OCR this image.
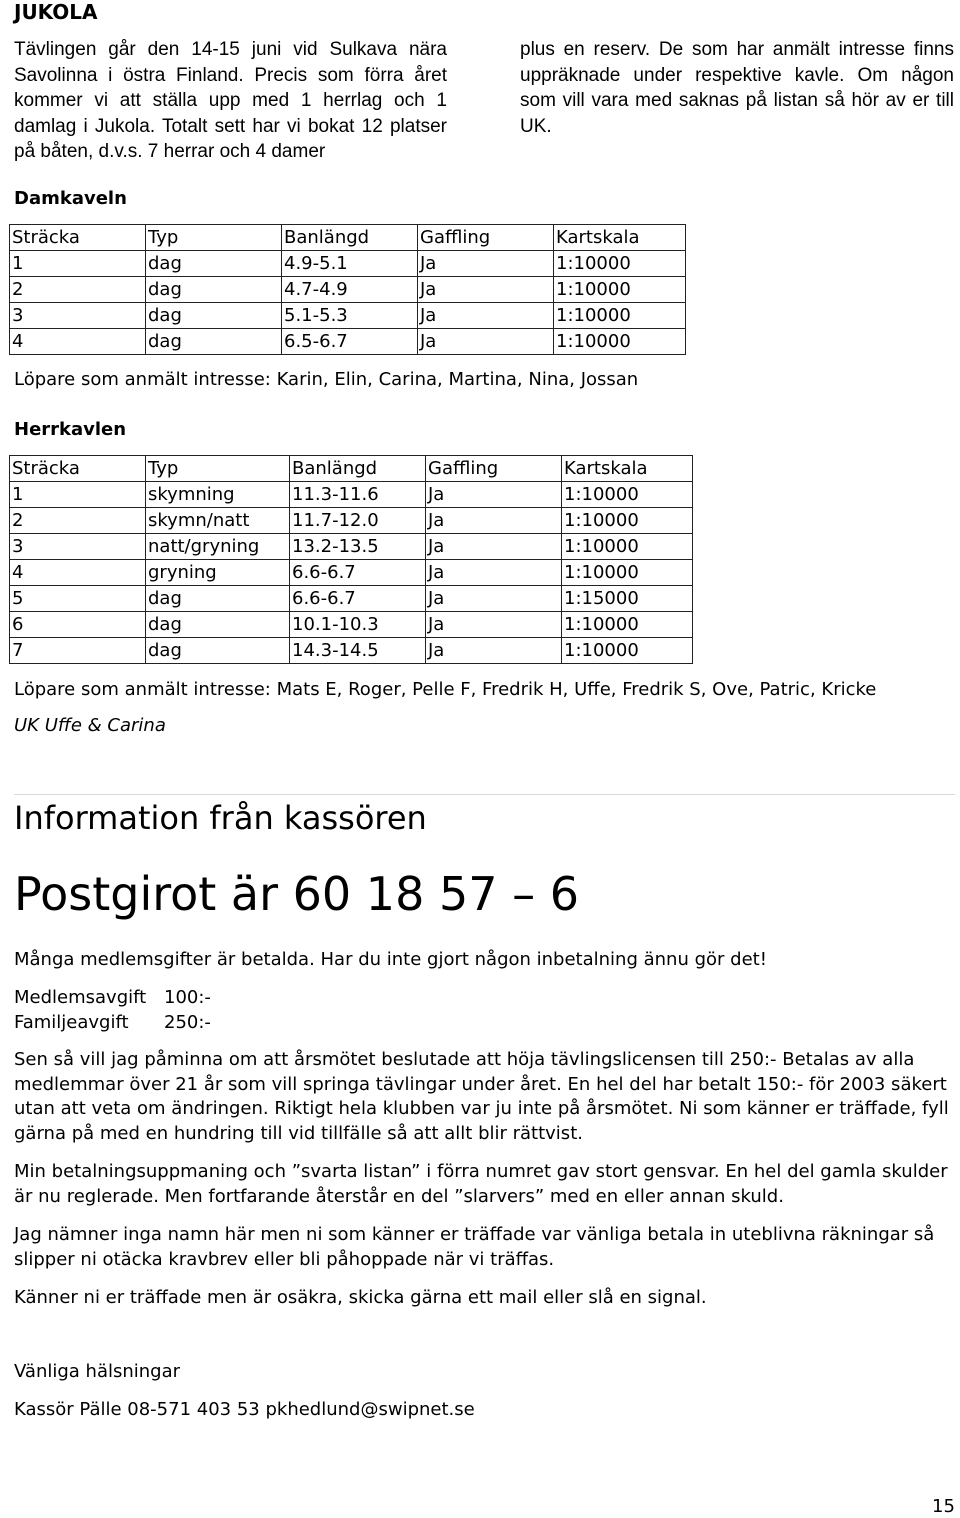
JUKOLA
Tävlingen går den 14-15 juni vid Sulkava nära Savolinna i östra Finland. Precis som förra året kommer vi att ställa upp med 1 herrlag och 1 damlag i Jukola. Totalt sett har vi bokat 12 platser på båten, d.v.s. 7 herrar och 4 damer
plus en reserv. De som har anmält intresse finns uppräknade under respektive kavle. Om någon som vill vara med saknas på listan så hör av er till UK.
Damkaveln
Sträcka	Typ	Banlängd	Gaffling	Kartskala
1	dag	4.9-5.1	Ja	1:10000
2	dag	4.7-4.9	Ja	1:10000
3	dag	5.1-5.3	Ja	1:10000
4	dag	6.5-6.7	Ja	1:10000
Löpare som anmält intresse: Karin, Elin, Carina, Martina, Nina, Jossan
Herrkavlen
Sträcka	Typ	Banlängd	Gaffling	Kartskala
1	skymning	11.3-11.6	Ja	1:10000
2	skymn/natt	11.7-12.0	Ja	1:10000
3	natt/gryning	13.2-13.5	Ja	1:10000
4	gryning	6.6-6.7	Ja	1:10000
5	dag	6.6-6.7	Ja	1:15000
6	dag	10.1-10.3	Ja	1:10000
7	dag	14.3-14.5	Ja	1:10000
Löpare som anmält intresse: Mats E, Roger, Pelle F, Fredrik H, Uffe, Fredrik S, Ove, Patric, Kricke
UK Uffe & Carina
Information från kassören
Postgirot är 60 18 57 – 6
Många medlemsgifter är betalda. Har du inte gjort någon inbetalning ännu gör det!
Medlemsavgift 100:-
Familjeavgift	250:-
Sen så vill jag påminna om att årsmötet beslutade att höja tävlingslicensen till 250:- Betalas av alla medlemmar över 21 år som vill springa tävlingar under året. En hel del har betalt 150:- för 2003 säkert utan att veta om ändringen. Riktigt hela klubben var ju inte på årsmötet. Ni som känner er träffade, fyll gärna på med en hundring till vid tillfälle så att allt blir rättvist.
Min betalningsuppmaning och ”svarta listan” i förra numret gav stort gensvar. En hel del gamla skulder är nu reglerade. Men fortfarande återstår en del ”slarvers” med en eller annan skuld.
Jag nämner inga namn här men ni som känner er träffade var vänliga betala in uteblivna räkningar så slipper ni otäcka kravbrev eller bli påhoppade när vi träffas.
Känner ni er träffade men är osäkra, skicka gärna ett mail eller slå en signal.
Vänliga hälsningar
Kassör Pälle 08-571 403 53 pkhedlund@swipnet.se
15
